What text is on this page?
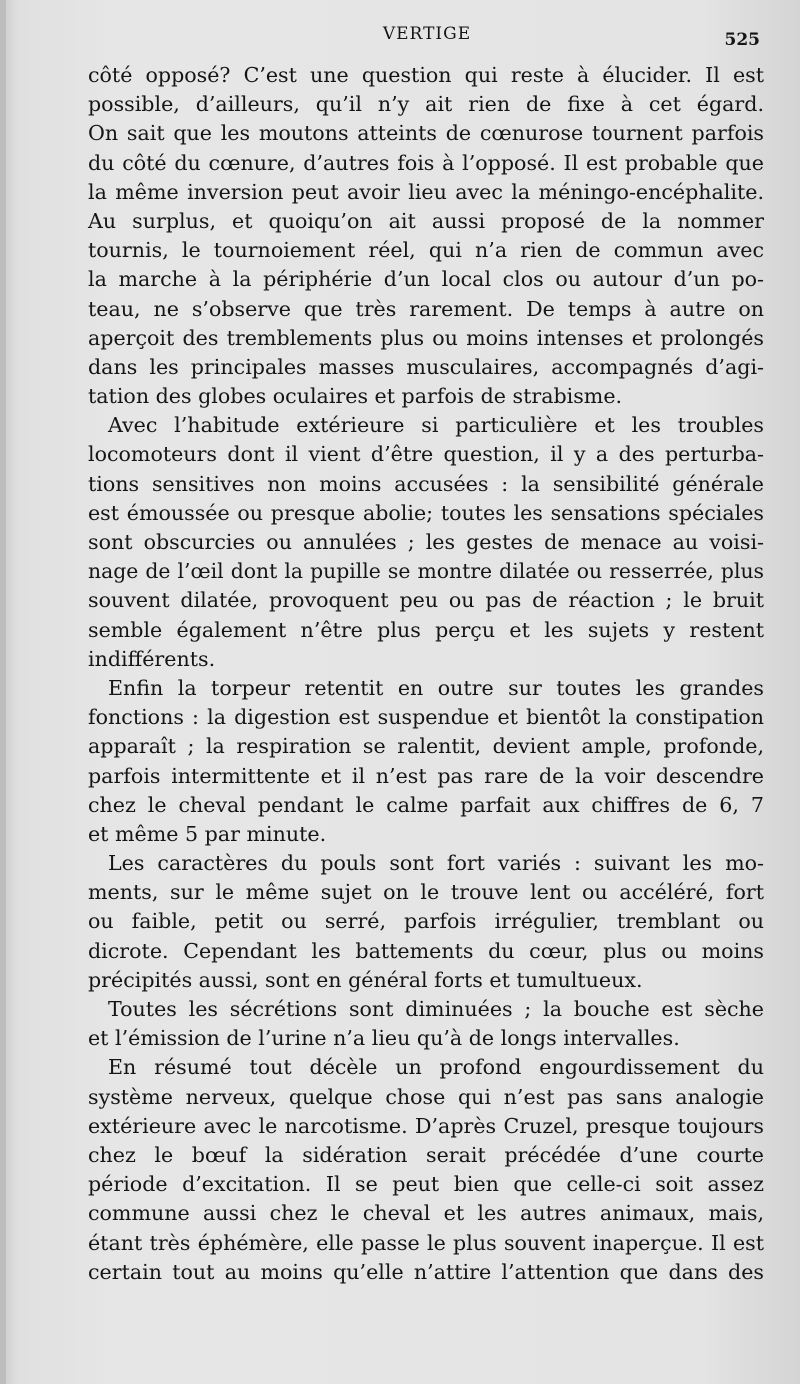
VERTIGE	525
côté opposé? C’est une question qui reste à élucider. Il est
possible, d’ailleurs, qu’il n’y ait rien de fixe à cet égard.
On sait que les moutons atteints de cœnurose tournent parfois
du côté du cœnure, d’autres fois à l’opposé. Il est probable que
la même inversion peut avoir lieu avec la méningo-encéphalite.
Au surplus, et quoiqu’on ait aussi proposé de la nommer
tournis, le tournoiement réel, qui n’a rien de commun avec
la marche à la périphérie d’un local clos ou autour d’un po-
teau, ne s’observe que très rarement. De temps à autre on
aperçoit des tremblements plus ou moins intenses et prolongés
dans les principales masses musculaires, accompagnés d’agi-
tation des globes oculaires et parfois de strabisme.
Avec l’habitude extérieure si particulière et les troubles
locomoteurs dont il vient d’être question, il y a des perturba-
tions sensitives non moins accusées : la sensibilité générale
est émoussée ou presque abolie; toutes les sensations spéciales
sont obscurcies ou annulées ; les gestes de menace au voisi-
nage de l’œil dont la pupille se montre dilatée ou resserrée, plus
souvent dilatée, provoquent peu ou pas de réaction ; le bruit
semble également n’être plus perçu et les sujets y restent
indifférents.
Enfin la torpeur retentit en outre sur toutes les grandes
fonctions : la digestion est suspendue et bientôt la constipation
apparaît ; la respiration se ralentit, devient ample, profonde,
parfois intermittente et il n’est pas rare de la voir descendre
chez le cheval pendant le calme parfait aux chiffres de 6, 7
et même 5 par minute.
Les caractères du pouls sont fort variés : suivant les mo-
ments, sur le même sujet on le trouve lent ou accéléré, fort
ou faible, petit ou serré, parfois irrégulier, tremblant ou
dicrote. Cependant les battements du cœur, plus ou moins
précipités aussi, sont en général forts et tumultueux.
Toutes les sécrétions sont diminuées ; la bouche est sèche
et l’émission de l’urine n’a lieu qu’à de longs intervalles.
En résumé tout décèle un profond engourdissement du
système nerveux, quelque chose qui n’est pas sans analogie
extérieure avec le narcotisme. D’après Cruzel, presque toujours
chez le bœuf la sidération serait précédée d’une courte
période d’excitation. Il se peut bien que celle-ci soit assez
commune aussi chez le cheval et les autres animaux, mais,
étant très éphémère, elle passe le plus souvent inaperçue. Il est
certain tout au moins qu’elle n’attire l’attention que dans des
